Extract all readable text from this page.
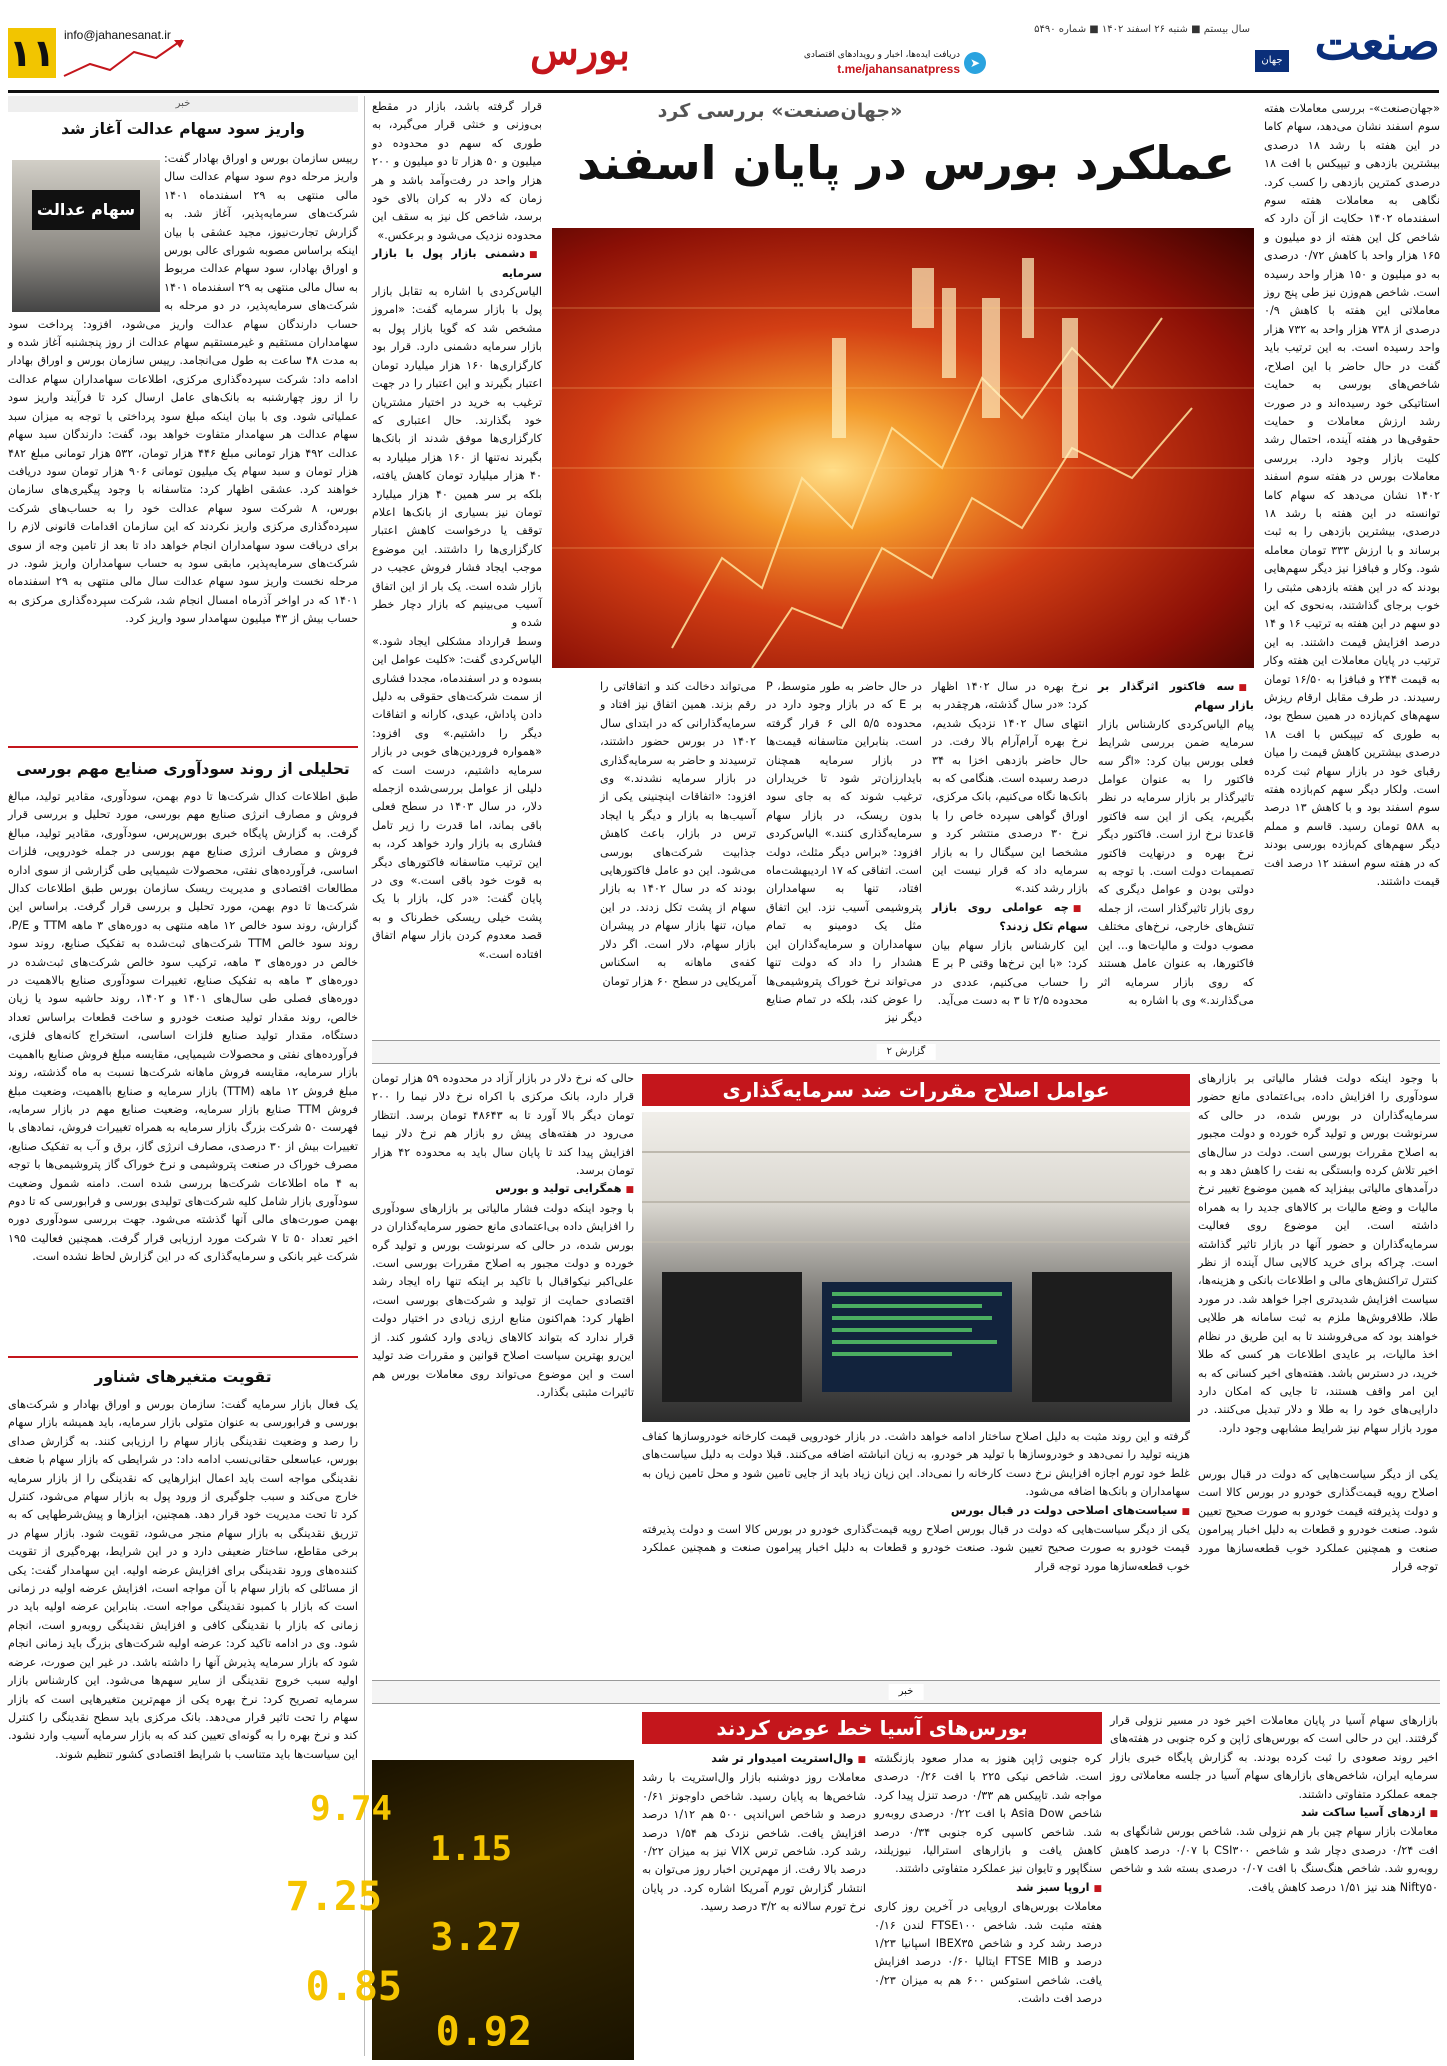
۱۱ info@jahanesanat.ir	بورس	➤
دریافت ایده‌ها، اخبار و رویدادهای اقتصادی
t.me/jahansanatpress
سال بیستم ■ شنبه ۲۶ اسفند ۱۴۰۲ ■ شماره ۵۴۹۰	صنعت
جهان
«جهان‌صنعت» بررسی کرد
عملکرد بورس در پایان اسفند

«جهان‌صنعت»- بررسی معاملات هفته سوم اسفند نشان می‌دهد، سهام کاما در این هفته با رشد ۱۸ درصدی بیشترین بازدهی و تیپیکس با افت ۱۸ درصدی کمترین بازدهی را کسب کرد. نگاهی به معاملات هفته سوم اسفندماه ۱۴۰۲ حکایت از آن دارد که شاخص کل این هفته از دو میلیون و ۱۶۵ هزار واحد با کاهش ۰/۷۲ درصدی به دو میلیون و ۱۵۰ هزار واحد رسیده است. شاخص هم‌وزن نیز طی پنج روز معاملاتی این هفته با کاهش ۰/۹ درصدی از ۷۳۸ هزار واحد به ۷۳۲ هزار واحد رسیده است. به این ترتیب باید گفت در حال حاضر با این اصلاح، شاخص‌های بورسی به حمایت استاتیکی خود رسیده‌اند و در صورت رشد ارزش معاملات و حمایت حقوقی‌ها در هفته آینده، احتمال رشد کلیت بازار وجود دارد. بررسی معاملات بورس در هفته سوم اسفند ۱۴۰۲ نشان می‌دهد که سهام کاما توانسته در این هفته با رشد ۱۸ درصدی، بیشترین بازدهی را به ثبت برساند و با ارزش ۳۳۳ تومان معامله شود. وکار و فبافزا نیز دیگر سهم‌هایی بودند که در این هفته بازدهی مثبتی را خوب برجای گذاشتند، به‌نحوی که این دو سهم در این هفته به ترتیب ۱۶ و ۱۴ درصد افزایش قیمت داشتند. به این ترتیب در پایان معاملات این هفته وکار به قیمت ۲۴۴ و فبافزا به ۱۶/۵۰ تومان رسیدند. در طرف مقابل ارقام ریزش سهم‌های کم‌بازده در همین سطح بود، به طوری که تیپیکس با افت ۱۸ درصدی بیشترین کاهش قیمت را میان رقبای خود در بازار سهام ثبت کرده است. ولکار دیگر سهم کم‌بازده هفته سوم اسفند بود و با کاهش ۱۳ درصد به ۵۸۸ تومان رسید. قاسم و مملم دیگر سهم‌های کم‌بازده بورسی بودند که در هفته سوم اسفند ۱۲ درصد افت قیمت داشتند.

■ سه فاکتور اثرگذار بر بازار سهام

پیام الیاس‌کردی کارشناس بازار سرمایه ضمن بررسی شرایط فعلی بورس بیان کرد: «اگر سه فاکتور را به عنوان عوامل تاثیرگذار بر بازار سرمایه در نظر بگیریم، یکی از این سه فاکتور قاعدتا نرخ ارز است. فاکتور دیگر نرخ بهره و درنهایت فاکتور تصمیمات دولت است. با توجه به دولتی بودن و عوامل دیگری که روی بازار تاثیرگذار است، از جمله تنش‌های خارجی، نرخ‌های مختلف مصوب دولت و مالیات‌ها و... این فاکتورها، به عنوان عامل هستند که روی بازار سرمایه اثر می‌گذارند.» وی با اشاره به

نرخ بهره در سال ۱۴۰۲ اظهار کرد: «در سال گذشته، هرچقدر به انتهای سال ۱۴۰۲ نزدیک شدیم، نرخ بهره آرام‌آرام بالا رفت. در حال حاضر بازدهی اخزا به ۳۴ درصد رسیده است. هنگامی که به بانک‌ها نگاه می‌کنیم، بانک مرکزی، اوراق گواهی سپرده خاص را با نرخ ۳۰ درصدی منتشر کرد و مشخصا این سیگنال را به بازار سرمایه داد که قرار نیست این بازار رشد کند.»

■ چه عواملی روی بازار سهام تکل زدند؟

این کارشناس بازار سهام بیان کرد: «با این نرخ‌ها وقتی P بر E را حساب می‌کنیم، عددی در محدوده ۲/۵ تا ۳ به دست می‌آید.

در حال حاضر به طور متوسط، P بر E که در بازار وجود دارد در محدوده ۵/۵ الی ۶ قرار گرفته است. بنابراین متاسفانه قیمت‌ها در بازار سرمایه همچنان بایدارزان‌تر شود تا خریداران ترغیب شوند که به جای سود بدون ریسک، در بازار سهام سرمایه‌گذاری کنند.» الیاس‌کردی افزود: «براس دیگر مثلث، دولت است. اتفاقی که ۱۷ اردیبهشت‌ماه افتاد، تنها به سهامداران پتروشیمی آسیب نزد. این اتفاق مثل یک دومینو به تمام سهامداران و سرمایه‌گذاران این هشدار را داد که دولت تنها می‌تواند نرخ خوراک پتروشیمی‌ها را عوض کند، بلکه در تمام صنایع دیگر نیز

می‌تواند دخالت کند و اتفاقاتی را رقم بزند. همین اتفاق نیز افتاد و سرمایه‌گذارانی که در ابتدای سال ۱۴۰۲ در بورس حضور داشتند، ترسیدند و حاضر به سرمایه‌گذاری در بازار سرمایه نشدند.» وی افزود: «اتفاقات اینچنینی یکی از آسیب‌ها به بازار و دیگر یا ایجاد ترس در بازار، باعث کاهش جذابیت شرکت‌های بورسی می‌شود. این دو عامل فاکتورهایی بودند که در سال ۱۴۰۲ به بازار سهام از پشت تکل زدند. در این میان، تنها بازار سهام در پیشران بازار سهام، دلار است. اگر دلار کفه‌ی ماهانه به اسکناس آمریکایی در سطح ۶۰ هزار تومان

قرار گرفته باشد، بازار در مقطع بی‌وزنی و خنثی قرار می‌گیرد، به طوری که سهم دو محدوده دو میلیون و ۵۰ هزار تا دو میلیون و ۲۰۰ هزار واحد در رفت‌وآمد باشد و هر زمان که دلار به کران بالای خود برسد، شاخص کل نیز به سقف این محدوده نزدیک می‌شود و برعکس.»

■ دشمنی بازار پول با بازار سرمایه

الیاس‌کردی با اشاره به تقابل بازار پول با بازار سرمایه گفت: «امروز مشخص شد که گویا بازار پول به بازار سرمایه دشمنی دارد. قرار بود کارگزاری‌ها ۱۶۰ هزار میلیارد تومان اعتبار بگیرند و این اعتبار را در جهت ترغیب به خرید در اختیار مشتریان خود بگذارند. حال اعتباری که کارگزاری‌ها موفق شدند از بانک‌ها بگیرند نه‌تنها از ۱۶۰ هزار میلیارد به ۴۰ هزار میلیارد تومان کاهش یافته، بلکه بر سر همین ۴۰ هزار میلیارد تومان نیز بسیاری از بانک‌ها اعلام توقف یا درخواست کاهش اعتبار کارگزاری‌ها را داشتند. این موضوع موجب ایجاد فشار فروش عجیب در بازار شده است. یک بار از این اتفاق آسیب می‌بینیم که بازار دچار خطر شده و

وسط قرارداد مشکلی ایجاد شود.» الیاس‌کردی گفت: «کلیت عوامل این بسوده و در اسفندماه، مجددا فشاری از سمت شرکت‌های حقوقی به دلیل دادن پاداش، عیدی، کارانه و اتفاقات دیگر را داشتیم.» وی افزود: «همواره فروردین‌های خوبی در بازار سرمایه داشتیم، درست است که دلیلی از عوامل بررسی‌شده ازجمله دلار، در سال ۱۴۰۳ در سطح فعلی باقی بماند، اما قدرت را زیر تامل فشاری به بازار وارد خواهد کرد، به این ترتیب متاسفانه فاکتورهای دیگر به قوت خود باقی است.» وی در پایان گفت: «در کل، بازار با یک پشت خیلی ریسکی خطرناک و به قصد معدوم کردن بازار سهام اتفاق افتاده است.»

خبر
واریز سود سهام عدالت آغاز شد
سهام عدالت

رییس سازمان بورس و اوراق بهادار گفت: واریز مرحله دوم سود سهام عدالت سال مالی منتهی به ۲۹ اسفندماه ۱۴۰۱ شرکت‌های سرمایه‌پذیر، آغاز شد. به گزارش تجارت‌نیوز، مجید عشقی با بیان اینکه براساس مصوبه شورای عالی بورس و اوراق بهادار، سود سهام عدالت مربوط به سال مالی منتهی به ۲۹ اسفندماه ۱۴۰۱ شرکت‌های سرمایه‌پذیر، در دو مرحله به حساب دارندگان سهام عدالت واریز می‌شود، افزود: پرداخت سود سهامداران مستقیم و غیرمستقیم سهام عدالت از روز پنجشنبه آغاز شده و به مدت ۴۸ ساعت به طول می‌انجامد. رییس سازمان بورس و اوراق بهادار ادامه داد: شرکت سپرده‌گذاری مرکزی، اطلاعات سهامداران سهام عدالت را از روز چهارشنبه به بانک‌های عامل ارسال کرد تا فرآیند واریز سود عملیاتی شود. وی با بیان اینکه مبلغ سود پرداختی با توجه به میزان سبد سهام عدالت هر سهامدار متفاوت خواهد بود، گفت: دارندگان سبد سهام عدالت ۴۹۲ هزار تومانی مبلغ ۴۴۶ هزار تومان، ۵۳۲ هزار تومانی مبلغ ۴۸۲ هزار تومان و سبد سهام یک میلیون تومانی ۹۰۶ هزار تومان سود دریافت خواهند کرد. عشقی اظهار کرد: متاسفانه با وجود پیگیری‌های سازمان بورس، ۸ شرکت سود سهام عدالت خود را به حساب‌های شرکت سپرده‌گذاری مرکزی واریز نکردند که این سازمان اقدامات قانونی لازم را برای دریافت سود سهامداران انجام خواهد داد تا بعد از تامین وجه از سوی شرکت‌های سرمایه‌پذیر، مابقی سود به حساب سهامداران واریز شود. در مرحله نخست واریز سود سهام عدالت سال مالی منتهی به ۲۹ اسفندماه ۱۴۰۱ که در اواخر آذرماه امسال انجام شد، شرکت سپرده‌گذاری مرکزی به حساب بیش از ۴۳ میلیون سهامدار سود واریز کرد.

تحلیلی از روند سودآوری صنایع مهم بورسی

طبق اطلاعات کدال شرکت‌ها تا دوم بهمن، سودآوری، مقادیر تولید، مبالغ فروش و مصارف انرژی صنایع مهم بورسی، مورد تحلیل و بررسی قرار گرفت. به گزارش پایگاه خبری بورس‌پرس، سودآوری، مقادیر تولید، مبالغ فروش و مصارف انرژی صنایع مهم بورسی در جمله خودرویی، فلزات اساسی، فرآورده‌های نفتی، محصولات شیمیایی طی گزارشی از سوی اداره مطالعات اقتصادی و مدیریت ریسک سازمان بورس طبق اطلاعات کدال شرکت‌ها تا دوم بهمن، مورد تحلیل و بررسی قرار گرفت. براساس این گزارش، روند سود خالص ۱۲ ماهه منتهی به دوره‌های ۳ ماهه TTM و P/E، روند سود خالص TTM شرکت‌های ثبت‌شده به تفکیک صنایع، روند سود خالص در دوره‌های ۳ ماهه، ترکیب سود خالص شرکت‌های ثبت‌شده در دوره‌های ۳ ماهه به تفکیک صنایع، تغییرات سودآوری صنایع بالاهمیت در دوره‌های فصلی طی سال‌های ۱۴۰۱ و ۱۴۰۲، روند حاشیه سود یا زیان خالص، روند مقدار تولید صنعت خودرو و ساخت قطعات براساس تعداد دستگاه، مقدار تولید صنایع فلزات اساسی، استخراج کانه‌های فلزی، فرآورده‌های نفتی و محصولات شیمیایی، مقایسه مبلغ فروش صنایع بااهمیت بازار سرمایه، مقایسه فروش ماهانه شرکت‌ها نسبت به ماه گذشته، روند مبلغ فروش ۱۲ ماهه (TTM) بازار سرمایه و صنایع بااهمیت، وضعیت مبلغ فروش TTM صنایع بازار سرمایه، وضعیت صنایع مهم در بازار سرمایه، فهرست ۵۰ شرکت بزرگ بازار سرمایه به همراه تغییرات فروش، نمادهای با تغییرات بیش از ۳۰ درصدی، مصارف انرژی گاز، برق و آب به تفکیک صنایع، مصرف خوراک در صنعت پتروشیمی و نرخ خوراک گاز پتروشیمی‌ها با توجه به ۴ ماه اطلاعات شرکت‌ها بررسی شده است. دامنه شمول وضعیت سودآوری بازار شامل کلیه شرکت‌های تولیدی بورسی و فرابورسی که تا دوم بهمن صورت‌های مالی آنها گذشته می‌شود. جهت بررسی سودآوری دوره اخیر تعداد ۵۰ تا ۷ شرکت مورد ارزیابی قرار گرفت. همچنین فعالیت ۱۹۵ شرکت غیر بانکی و سرمایه‌گذاری که در این گزارش لحاظ نشده است.

تقویت متغیرهای شناور

یک فعال بازار سرمایه گفت: سازمان بورس و اوراق بهادار و شرکت‌های بورسی و فرابورسی به عنوان متولی بازار سرمایه، باید همیشه بازار سهام را رصد و وضعیت نقدینگی بازار سهام را ارزیابی کنند. به گزارش صدای بورس، عباسعلی حقانی‌نسب ادامه داد: در شرایطی که بازار سهام با ضعف نقدینگی مواجه است باید اعمال ابزارهایی که نقدینگی را از بازار سرمایه خارج می‌کند و سبب جلوگیری از ورود پول به بازار سهام می‌شود، کنترل کرد تا تحت مدیریت خود قرار دهد. همچنین، ابزارها و پیش‌شرطهایی که به تزریق نقدینگی به بازار سهام منجر می‌شود، تقویت شود. بازار سهام در برخی مقاطع، ساختار ضعیفی دارد و در این شرایط، بهره‌گیری از تقویت کننده‌های ورود نقدینگی برای افزایش عرضه اولیه. این سهامدار گفت: یکی از مسائلی که بازار سهام با آن مواجه است، افزایش عرضه اولیه در زمانی است که بازار با کمبود نقدینگی مواجه است. بنابراین عرضه اولیه باید در زمانی که بازار با نقدینگی کافی و افزایش نقدینگی روبه‌رو است، انجام شود. وی در ادامه تاکید کرد: عرضه اولیه شرکت‌های بزرگ باید زمانی انجام شود که بازار سرمایه پذیرش آنها را داشته باشد. در غیر این صورت، عرضه اولیه سبب خروج نقدینگی از سایر سهم‌ها می‌شود. این کارشناس بازار سرمایه تصریح کرد: نرخ بهره یکی از مهم‌ترین متغیرهایی است که بازار سهام را تحت تاثیر قرار می‌دهد. بانک مرکزی باید سطح نقدینگی را کنترل کند و نرخ بهره را به گونه‌ای تعیین کند که به بازار سرمایه آسیب وارد نشود. این سیاست‌ها باید متناسب با شرایط اقتصادی کشور تنظیم شوند.

گزارش ۲
عوامل اصلاح مقررات ضد سرمایه‌گذاری	با وجود اینکه دولت فشار مالیاتی بر بازارهای سودآوری را افزایش داده، بی‌اعتمادی مانع حضور سرمایه‌گذاران در بورس شده، در حالی که سرنوشت بورس و تولید گره خورده و دولت مجبور به اصلاح مقررات بورسی است. دولت در سال‌های اخیر تلاش کرده وابستگی به نفت را کاهش دهد و به درآمدهای مالیاتی بیفزاید که همین موضوع تغییر نرخ مالیات و وضع مالیات بر کالاهای جدید را به همراه داشته است. این موضوع روی فعالیت سرمایه‌گذاران و حضور آنها در بازار تاثیر گذاشته است. چراکه برای خرید کالایی سال آینده از نظر کنترل تراکنش‌های مالی و اطلاعات بانکی و هزینه‌ها، سیاست افزایش شدیدتری اجرا خواهد شد. در مورد طلا، طلافروش‌ها ملزم به ثبت سامانه هر طلایی خواهند بود که می‌فروشند تا به این طریق در نظام اخذ مالیات، بر عایدی اطلاعات هر کسی که طلا خرید، در دسترس باشد. هفته‌های اخیر کسانی که به این امر واقف هستند، تا جایی که امکان دارد دارایی‌های خود را به طلا و دلار تبدیل می‌کنند. در مورد بازار سهام نیز شرایط مشابهی وجود دارد.

حالی که نرخ دلار در بازار آزاد در محدوده ۵۹ هزار تومان قرار دارد، بانک مرکزی با اکراه نرخ دلار نیما را ۲۰۰ تومان دیگر بالا آورد تا به ۴۸۶۴۳ تومان برسد. انتظار می‌رود در هفته‌های پیش رو بازار هم نرخ دلار نیما افزایش پیدا کند تا پایان سال باید به محدوده ۴۲ هزار تومان برسد.

■ همگرایی تولید و بورس

با وجود اینکه دولت فشار مالیاتی بر بازارهای سودآوری را افزایش داده بی‌اعتمادی مانع حضور سرمایه‌گذاران در بورس شده، در حالی که سرنوشت بورس و تولید گره خورده و دولت مجبور به اصلاح مقررات بورسی است. علی‌اکبر نیکواقبال با تاکید بر اینکه تنها راه ایجاد رشد اقتصادی حمایت از تولید و شرکت‌های بورسی است، اظهار کرد: هم‌اکنون منابع ارزی زیادی در اختیار دولت قرار ندارد که بتواند کالاهای زیادی وارد کشور کند. از این‌رو بهترین سیاست اصلاح قوانین و مقررات ضد تولید است و این موضوع می‌تواند روی معاملات بورس هم تاثیرات مثبتی بگذارد.

گرفته و این روند مثبت به دلیل اصلاح ساختار ادامه خواهد داشت. در بازار خودرویی قیمت کارخانه خودروسازها کفاف هزینه تولید را نمی‌دهد و خودروسازها با تولید هر خودرو، به زیان انباشته اضافه می‌کنند. قبلا دولت به دلیل سیاست‌های غلط خود تورم اجازه افزایش نرخ دست کارخانه را نمی‌داد. این زیان زیاد باید از جایی تامین شود و محل تامین زیان به سهامداران و بانک‌ها اضافه می‌شود.

■ سیاست‌های اصلاحی دولت در قبال بورس

یکی از دیگر سیاست‌هایی که دولت در قبال بورس اصلاح رویه قیمت‌گذاری خودرو در بورس کالا است و دولت پذیرفته قیمت خودرو به صورت صحیح تعیین شود. صنعت خودرو و قطعات به دلیل اخبار پیرامون صنعت و همچنین عملکرد خوب قطعه‌سازها مورد توجه قرار

یکی از دیگر سیاست‌هایی که دولت در قبال بورس اصلاح رویه قیمت‌گذاری خودرو در بورس کالا است و دولت پذیرفته قیمت خودرو به صورت صحیح تعیین شود. صنعت خودرو و قطعات به دلیل اخبار پیرامون صنعت و همچنین عملکرد خوب قطعه‌سازها مورد توجه قرار

خبر
بورس‌های آسیا خط عوض کردند
9.74
1.15
7.25
3.27
0.85
0.92

بازارهای سهام آسیا در پایان معاملات اخیر خود در مسیر نزولی قرار گرفتند. این در حالی است که بورس‌های ژاپن و کره جنوبی در هفته‌های اخیر روند صعودی را ثبت کرده بودند. به گزارش پایگاه خبری بازار سرمایه ایران، شاخص‌های بازارهای سهام آسیا در جلسه معاملاتی روز جمعه عملکرد متفاوتی داشتند.

■ ازدهای آسیا ساکت شد

معاملات بازار سهام چین بار هم نزولی شد. شاخص بورس شانگهای به افت ۰/۲۴ درصدی دچار شد و شاخص CSI۳۰۰ با ۰/۰۷ درصد کاهش روبه‌رو شد. شاخص هنگ‌سنگ با افت ۰/۰۷ درصدی بسته شد و شاخص Nifty۵۰ هند نیز ۱/۵۱ درصد کاهش یافت.

کره جنوبی ژاپن هنوز به مدار صعود بازنگشته است. شاخص نیکی ۲۲۵ با افت ۰/۲۶ درصدی مواجه شد. تاپیکس هم ۰/۳۳ درصد تنزل پیدا کرد. شاخص Asia Dow با افت ۰/۲۲ درصدی روبه‌رو شد. شاخص کاسپی کره جنوبی ۰/۳۴ درصد کاهش یافت و بازارهای استرالیا، نیوزیلند، سنگاپور و تایوان نیز عملکرد متفاوتی داشتند.

■ اروپا سبز شد

معاملات بورس‌های اروپایی در آخرین روز کاری هفته مثبت شد. شاخص FTSE۱۰۰ لندن ۰/۱۶ درصد رشد کرد و شاخص IBEX۳۵ اسپانیا ۱/۲۳ درصد و FTSE MIB ایتالیا ۰/۶۰ درصد افزایش یافت. شاخص استوکس ۶۰۰ هم به میزان ۰/۲۳ درصد افت داشت.

■ وال‌استریت امیدوار تر شد

معاملات روز دوشنبه بازار وال‌استریت با رشد شاخص‌ها به پایان رسید. شاخص داوجونز ۰/۶۱ درصد و شاخص اس‌اند‌پی ۵۰۰ هم ۱/۱۲ درصد افزایش یافت. شاخص نزدک هم ۱/۵۴ درصد رشد کرد. شاخص ترس VIX نیز به میزان ۰/۲۲ درصد بالا رفت. از مهم‌ترین اخبار روز می‌توان به انتشار گزارش تورم آمریکا اشاره کرد. در پایان نرخ تورم سالانه به ۳/۲ درصد رسید.
